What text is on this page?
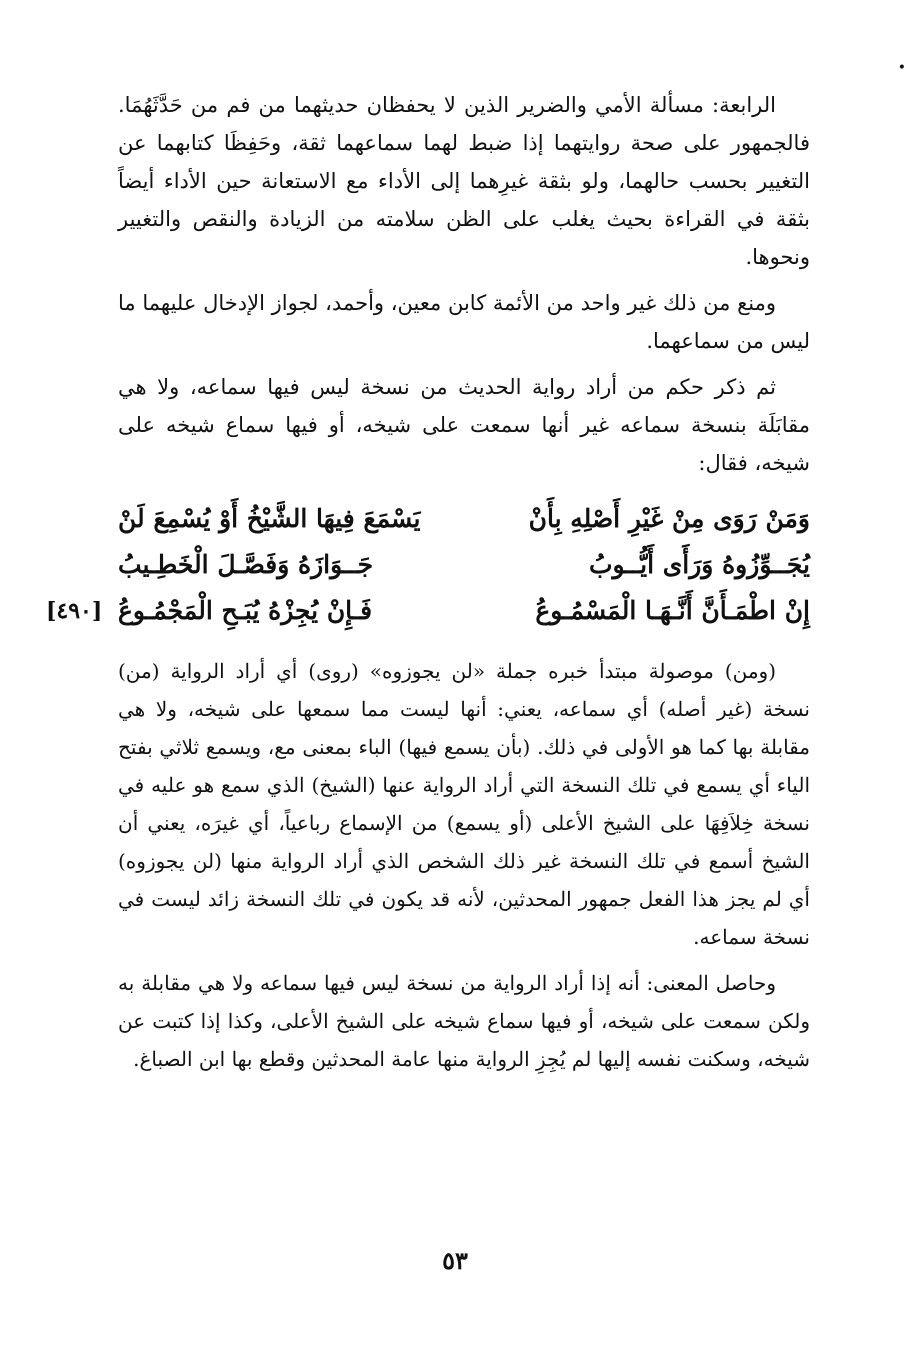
•

الرابعة: مسألة الأمي والضرير الذين لا يحفظان حديثهما من فم من حَدَّثَهُمَا. فالجمهور على صحة روايتهما إذا ضبط لهما سماعهما ثقة، وحَفِظَا كتابهما عن التغيير بحسب حالهما، ولو بثقة غيرِهما إلى الأداء مع الاستعانة حين الأداء أيضاً بثقة في القراءة بحيث يغلب على الظن سلامته من الزيادة والنقص والتغيير ونحوها.

ومنع من ذلك غير واحد من الأئمة كابن معين، وأحمد، لجواز الإدخال عليهما ما ليس من سماعهما.

ثم ذكر حكم من أراد رواية الحديث من نسخة ليس فيها سماعه، ولا هي مقابَلَة بنسخة سماعه غير أنها سمعت على شيخه، أو فيها سماع شيخه على شيخه، فقال:

وَمَنْ رَوَى مِنْ غَيْرِ أَصْلِهِ بِأَنْ
يَسْمَعَ فِيهَا الشَّيْخُ أَوْ يُسْمِعَ لَنْ
يُجَــوِّزُوهُ وَرَأَى أَيُّــوبُ
جَــوَازَهُ وَفَصَّـلَ الْخَطِـيبُ
إِنْ اطْمَـأَنَّ أَنَّـهَـا الْمَسْمُـوعُ
فَـإِنْ يُجِزْهُ يُبَـحِ الْمَجْمُـوعُ
[٤٩٠]

(ومن) موصولة مبتدأ خبره جملة «لن يجوزوه» (روى) أي أراد الرواية (من) نسخة (غير أصله) أي سماعه، يعني: أنها ليست مما سمعها على شيخه، ولا هي مقابلة بها كما هو الأولى في ذلك. (بأن يسمع فيها) الباء بمعنى مع، ويسمع ثلاثي بفتح الياء أي يسمع في تلك النسخة التي أراد الرواية عنها (الشيخ) الذي سمع هو عليه في نسخة خِلاَفِهَا على الشيخ الأعلى (أو يسمع) من الإسماع رباعياً، أي غيرَه، يعني أن الشيخ أسمع في تلك النسخة غير ذلك الشخص الذي أراد الرواية منها (لن يجوزوه) أي لم يجز هذا الفعل جمهور المحدثين، لأنه قد يكون في تلك النسخة زائد ليست في نسخة سماعه.

وحاصل المعنى: أنه إذا أراد الرواية من نسخة ليس فيها سماعه ولا هي مقابلة به ولكن سمعت على شيخه، أو فيها سماع شيخه على الشيخ الأعلى، وكذا إذا كتبت عن شيخه، وسكنت نفسه إليها لم يُجِزِ الرواية منها عامة المحدثين وقطع بها ابن الصباغ.

٥٣
